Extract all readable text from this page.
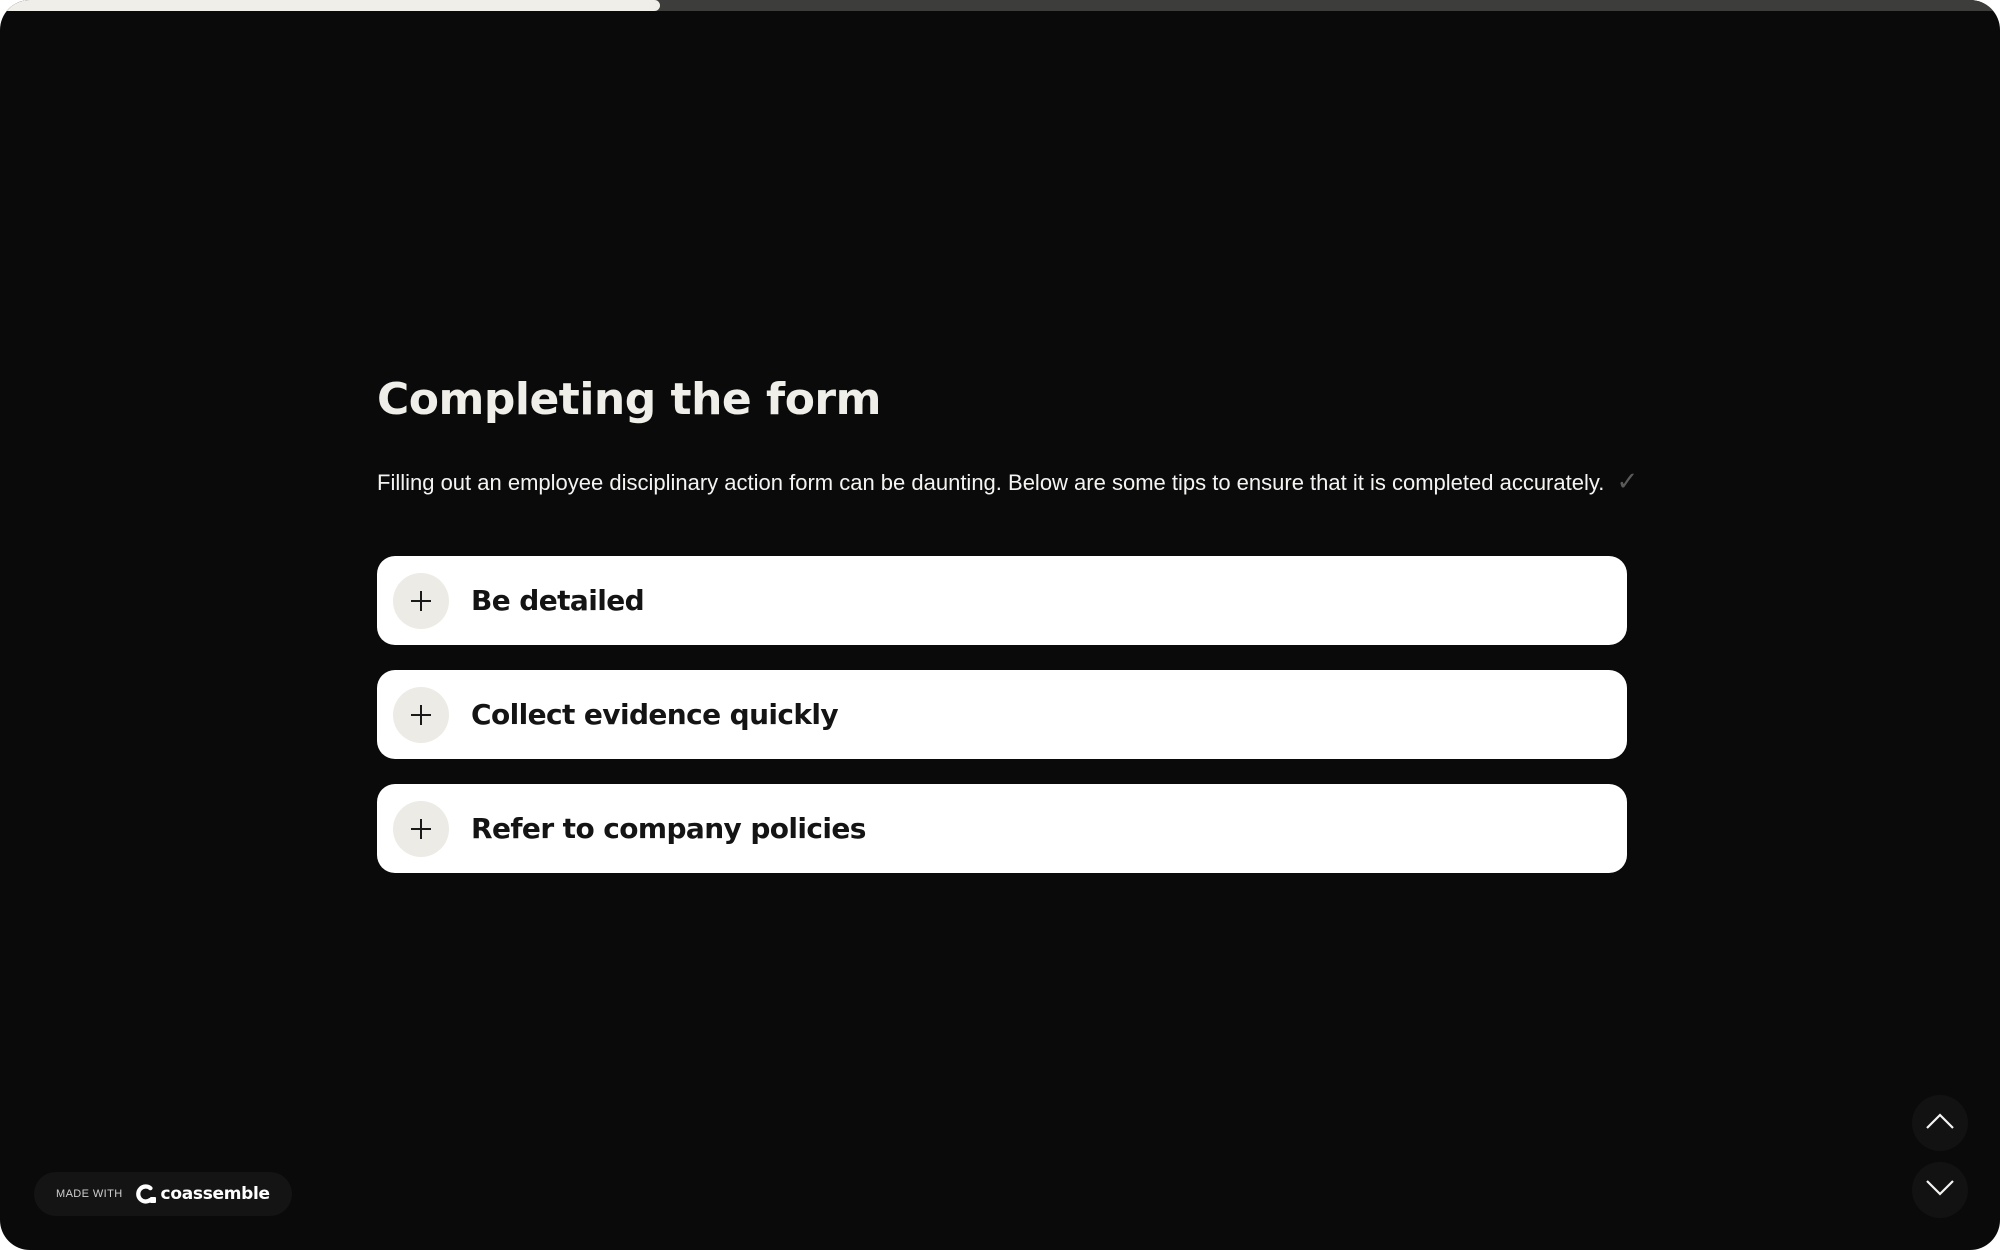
Completing the form

Filling out an employee disciplinary action form can be daunting. Below are some tips to ensure that it is completed accurately. ✓

Be detailed
Collect evidence quickly
Refer to company policies
MADE WITH coassemble
